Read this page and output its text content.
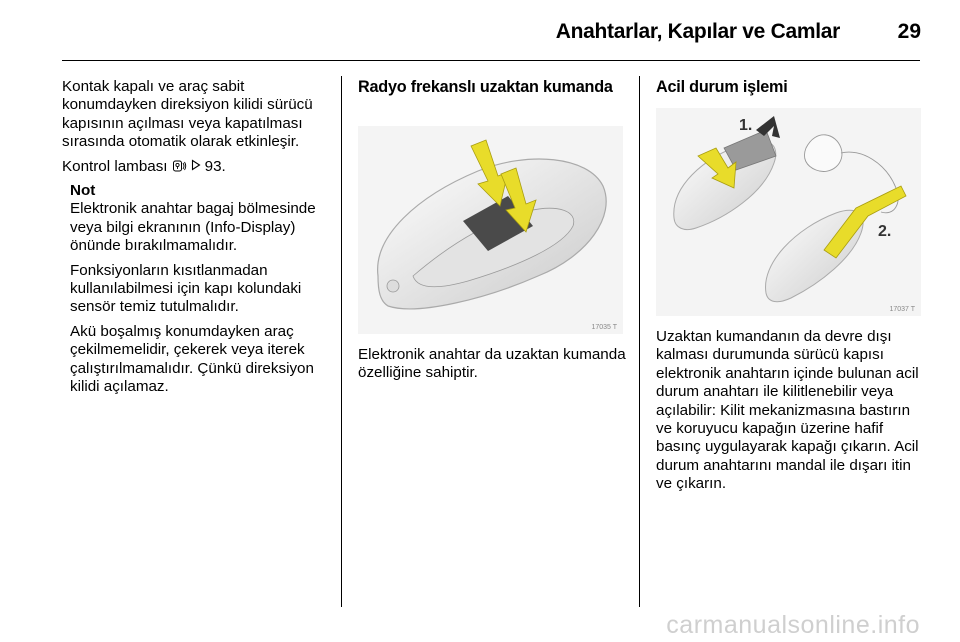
Anahtarlar, Kapılar ve Camlar	29

Kontak kapalı ve araç sabit konumdayken direksiyon kilidi sürücü kapısının açılması veya kapatılması sırasında otomatik olarak etkinleşir.

Kontrol lambası 93.

Not

Elektronik anahtar bagaj bölmesinde veya bilgi ekranının (Info-Display) önünde bırakılmamalıdır.

Fonksiyonların kısıtlanmadan kullanılabilmesi için kapı kolundaki sensör temiz tutulmalıdır.

Akü boşalmış konumdayken araç çekilmemelidir, çekerek veya iterek çalıştırılmamalıdır. Çünkü direksiyon kilidi açılamaz.

Radyo frekanslı uzaktan kumanda
17035 T

Elektronik anahtar da uzaktan kumanda özelliğine sahiptir.

Acil durum işlemi
1.
2.
17037 T

Uzaktan kumandanın da devre dışı kalması durumunda sürücü kapısı elektronik anahtarın içinde bulunan acil durum anahtarı ile kilitlenebilir veya açılabilir: Kilit mekanizmasına bastırın ve koruyucu kapağın üzerine hafif basınç uygulayarak kapağı çıkarın. Acil durum anahtarını mandal ile dışarı itin ve çıkarın.

carmanualsonline.info
